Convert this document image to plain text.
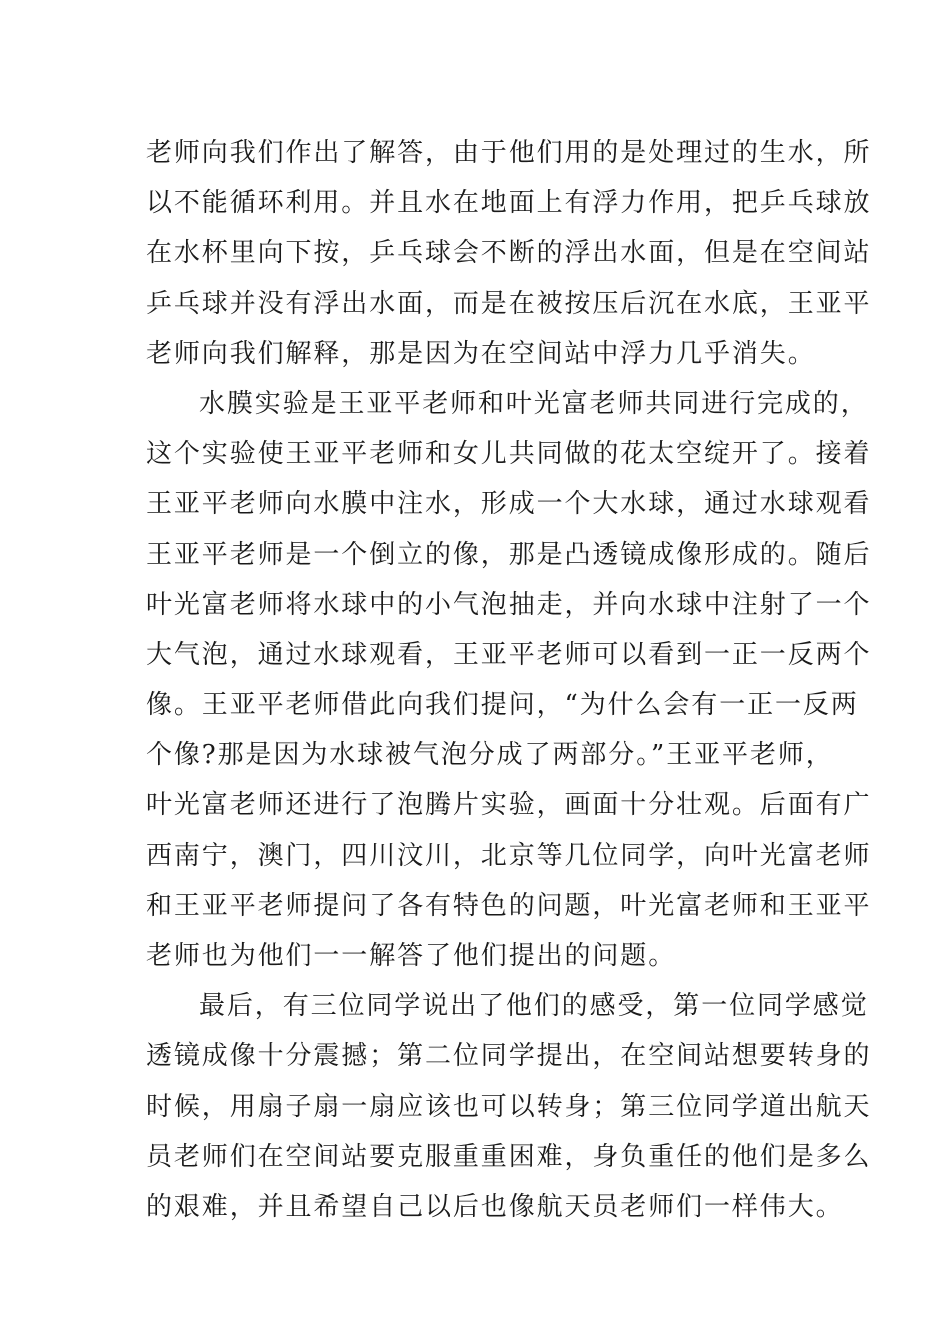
老师向我们作出了解答，由于他们用的是处理过的生水，所
以不能循环利用。并且水在地面上有浮力作用，把乒乓球放
在水杯里向下按，乒乓球会不断的浮出水面，但是在空间站
乒乓球并没有浮出水面，而是在被按压后沉在水底，王亚平
老师向我们解释，那是因为在空间站中浮力几乎消失。
水膜实验是王亚平老师和叶光富老师共同进行完成的，
这个实验使王亚平老师和女儿共同做的花太空绽开了。接着
王亚平老师向水膜中注水，形成一个大水球，通过水球观看
王亚平老师是一个倒立的像，那是凸透镜成像形成的。随后
叶光富老师将水球中的小气泡抽走，并向水球中注射了一个
大气泡，通过水球观看，王亚平老师可以看到一正一反两个
像。王亚平老师借此向我们提问，“为什么会有一正一反两
个像?那是因为水球被气泡分成了两部分。”王亚平老师，
叶光富老师还进行了泡腾片实验，画面十分壮观。后面有广
西南宁，澳门，四川汶川，北京等几位同学，向叶光富老师
和王亚平老师提问了各有特色的问题，叶光富老师和王亚平
老师也为他们一一解答了他们提出的问题。
最后，有三位同学说出了他们的感受，第一位同学感觉
透镜成像十分震撼；第二位同学提出，在空间站想要转身的
时候，用扇子扇一扇应该也可以转身；第三位同学道出航天
员老师们在空间站要克服重重困难，身负重任的他们是多么
的艰难，并且希望自己以后也像航天员老师们一样伟大。
